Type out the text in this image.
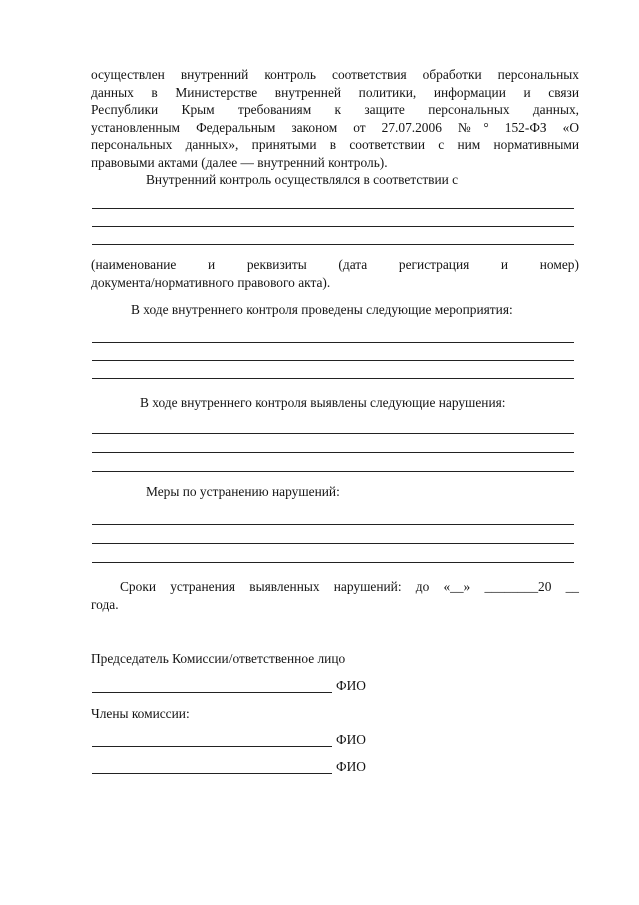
осуществлен внутренний контроль соответствия обработки персональных

данных в Министерстве внутренней политики, информации и связи

Республики Крым требованиям к защите персональных данных,

установленным Федеральным законом от 27.07.2006 №° 152-ФЗ «О

персональных данных», принятыми в соответствии с ним нормативными

правовыми актами (далее — внутренний контроль).

Внутренний контроль осуществлялся в соответствии с

(наименование и реквизиты (дата регистрация и номер)

документа/нормативного правового акта).

В ходе внутреннего контроля проведены следующие мероприятия:

В ходе внутреннего контроля выявлены следующие нарушения:

Меры по устранению нарушений:

Сроки устранения выявленных нарушений: до «__» ________20 __

года.

Председатель Комиссии/ответственное лицо

ФИО

Члены комиссии:

ФИО
ФИО
